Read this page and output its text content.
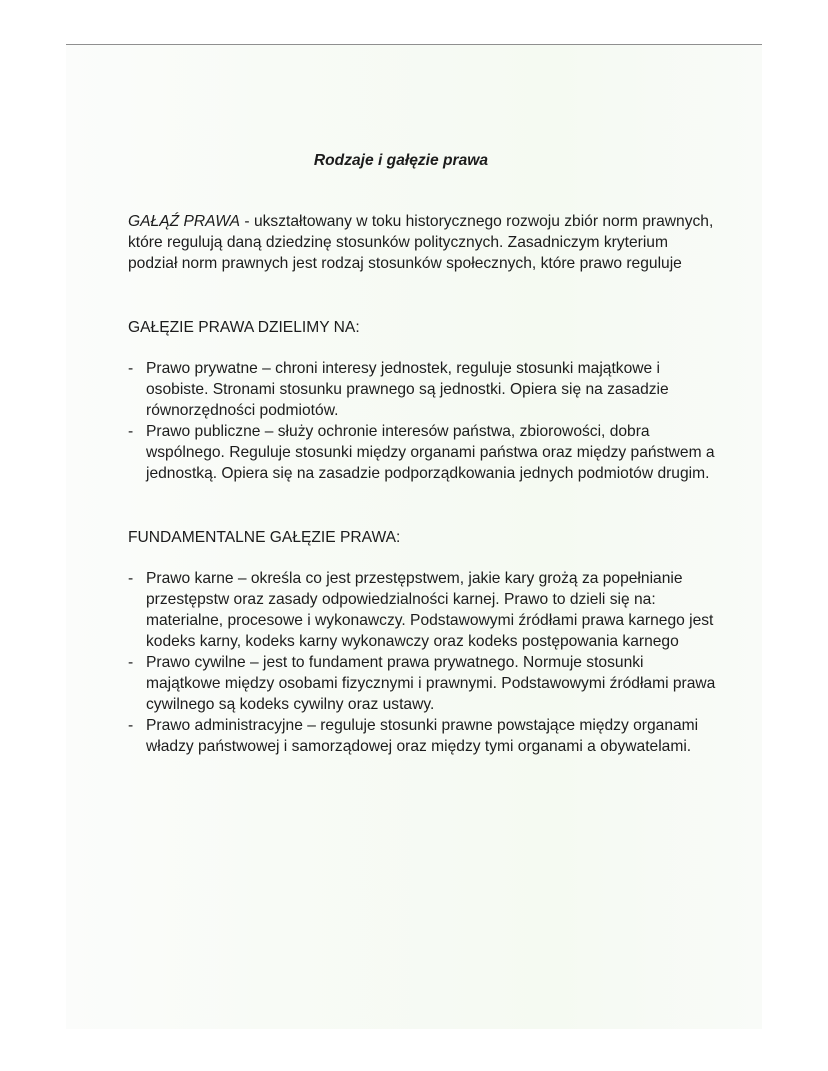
Rodzaje i gałęzie prawa

GAŁĄŹ PRAWA - ukształtowany w toku historycznego rozwoju zbiór norm prawnych, które regulują daną dziedzinę stosunków politycznych. Zasadniczym kryterium podział norm prawnych jest rodzaj stosunków społecznych, które prawo reguluje

GAŁĘZIE PRAWA DZIELIMY NA:

- Prawo prywatne – chroni interesy jednostek, reguluje stosunki majątkowe i osobiste. Stronami stosunku prawnego są jednostki. Opiera się na zasadzie równorzędności podmiotów.
- Prawo publiczne – służy ochronie interesów państwa, zbiorowości, dobra wspólnego. Reguluje stosunki między organami państwa oraz między państwem a jednostką. Opiera się na zasadzie podporządkowania jednych podmiotów drugim.

FUNDAMENTALNE GAŁĘZIE PRAWA:

- Prawo karne – określa co jest przestępstwem, jakie kary grożą za popełnianie przestępstw oraz zasady odpowiedzialności karnej. Prawo to dzieli się na: materialne, procesowe i wykonawczy. Podstawowymi źródłami prawa karnego jest kodeks karny, kodeks karny wykonawczy oraz kodeks postępowania karnego
- Prawo cywilne – jest to fundament prawa prywatnego. Normuje stosunki majątkowe między osobami fizycznymi i prawnymi. Podstawowymi źródłami prawa cywilnego są kodeks cywilny oraz ustawy.
- Prawo administracyjne – reguluje stosunki prawne powstające między organami władzy państwowej i samorządowej oraz między tymi organami a obywatelami.
